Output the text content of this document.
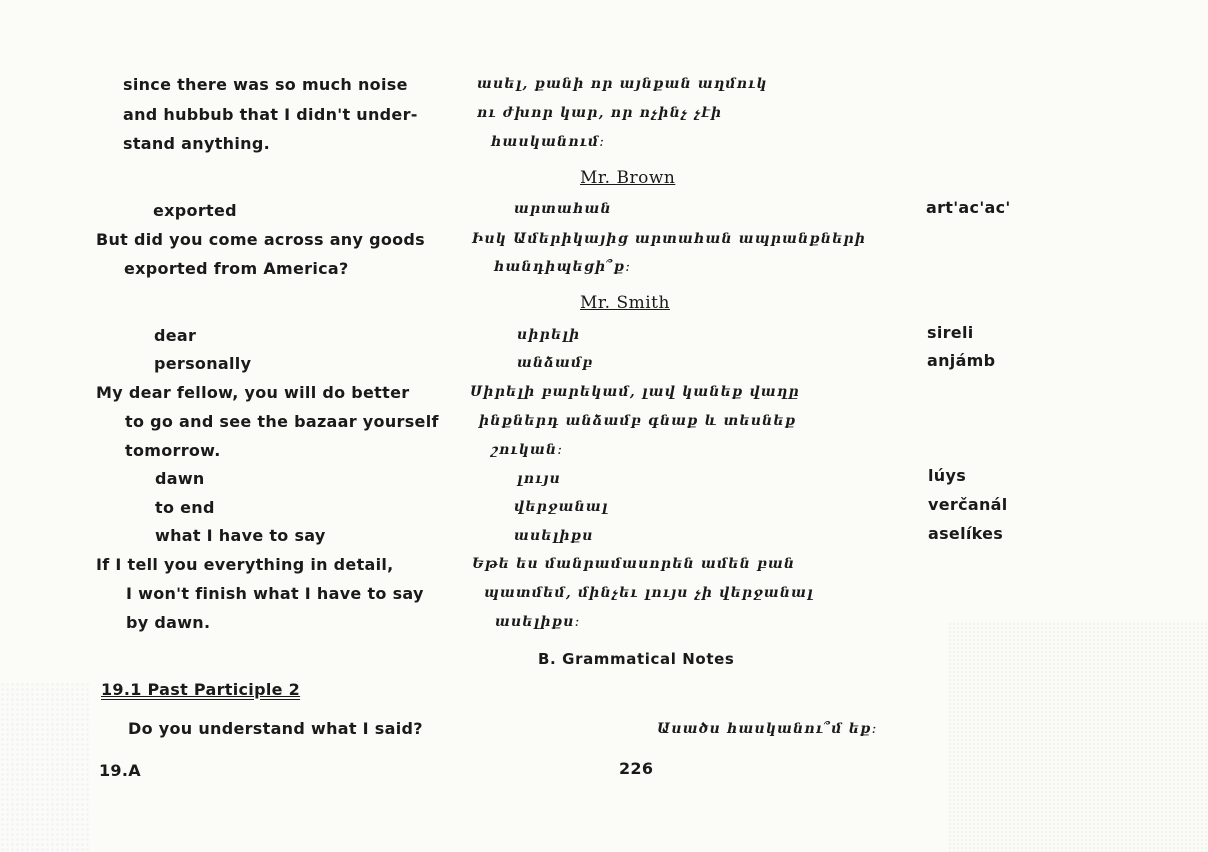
since there was so much noise
and hubbub that I didn't under-
stand anything.
ասել, քանի որ այնքան աղմուկ
ու ժխոր կար, որ ոչինչ չէի
հասկանում։
Mr. Brown
exported	արտահան	art'ac'ac'
But did you come across any goods
exported from America?
Իսկ Ամերիկայից արտահան ապրանքների
հանդիպեցի՞ք։
Mr. Smith
dear	սիրելի	sireli
personally	անձամբ	anjámb
My dear fellow, you will do better
to go and see the bazaar yourself
tomorrow.
Սիրելի բարեկամ, լավ կանեք վաղը
ինքներդ անձամբ գնաք և տեսնեք
շուկան։
dawn	լույս	lúys
to end	վերջանալ	verčanál
what I have to say	ասելիքս	aselíkes
If I tell you everything in detail,
I won't finish what I have to say
by dawn.
Եթե ես մանրամասորեն ամեն բան
պատմեմ, մինչեւ լույս չի վերջանալ
ասելիքս։
B. Grammatical Notes
19.1 Past Participle 2
Do you understand what I said?	Ասածս հասկանու՞մ եք։
19.A	226
